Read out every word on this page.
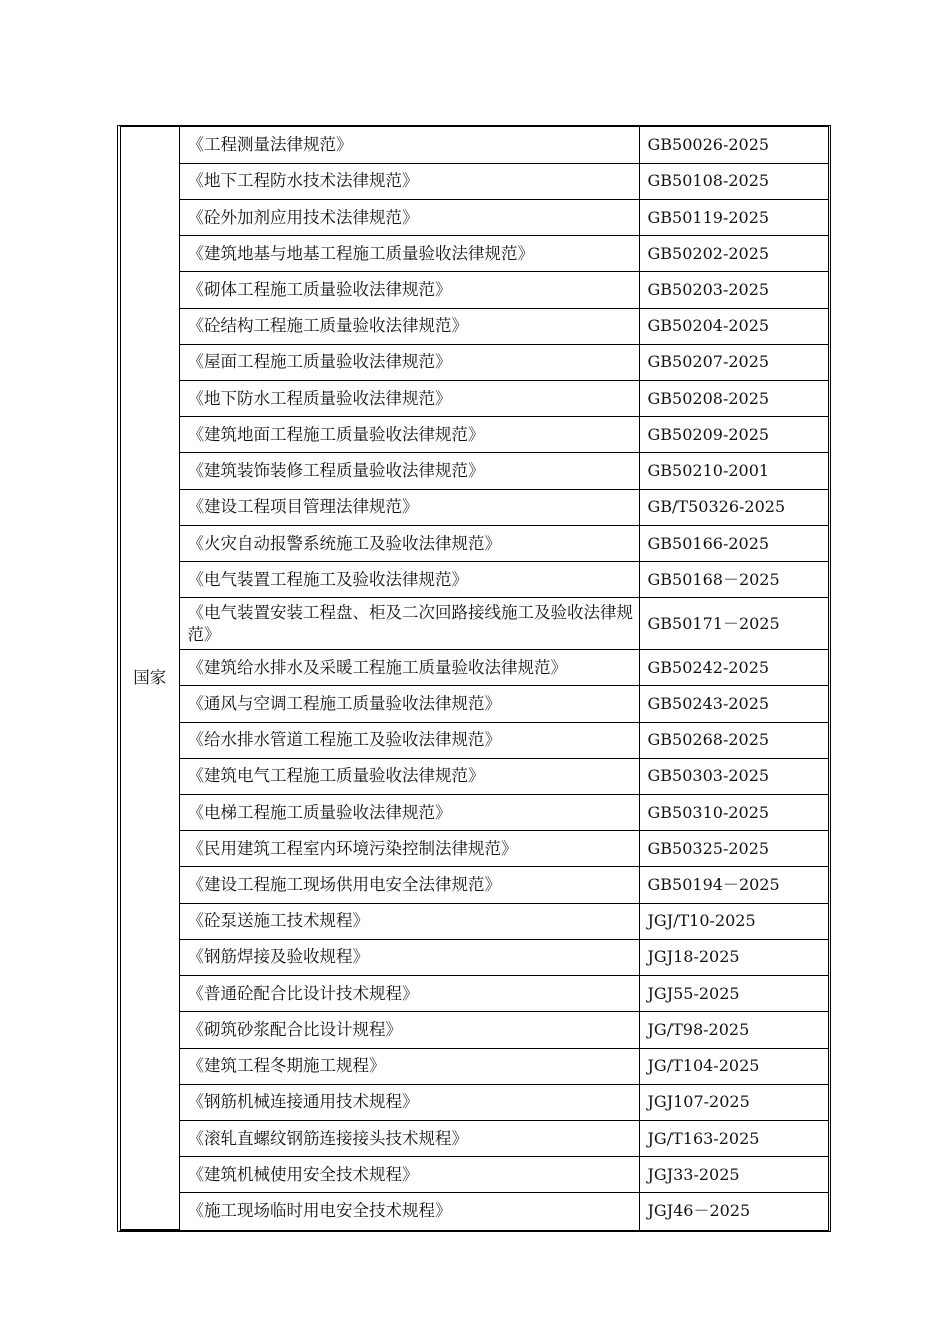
国家	《工程测量法律规范》	GB50026-2025
	《地下工程防水技术法律规范》	GB50108-2025
	《砼外加剂应用技术法律规范》	GB50119-2025
	《建筑地基与地基工程施工质量验收法律规范》	GB50202-2025
	《砌体工程施工质量验收法律规范》	GB50203-2025
	《砼结构工程施工质量验收法律规范》	GB50204-2025
	《屋面工程施工质量验收法律规范》	GB50207-2025
	《地下防水工程质量验收法律规范》	GB50208-2025
	《建筑地面工程施工质量验收法律规范》	GB50209-2025
	《建筑装饰装修工程质量验收法律规范》	GB50210-2001
	《建设工程项目管理法律规范》	GB/T50326-2025
	《火灾自动报警系统施工及验收法律规范》	GB50166-2025
	《电气装置工程施工及验收法律规范》	GB50168－2025
	《电气装置安装工程盘、柜及二次回路接线施工及验收法律规范》	GB50171－2025
	《建筑给水排水及采暖工程施工质量验收法律规范》	GB50242-2025
	《通风与空调工程施工质量验收法律规范》	GB50243-2025
	《给水排水管道工程施工及验收法律规范》	GB50268-2025
	《建筑电气工程施工质量验收法律规范》	GB50303-2025
	《电梯工程施工质量验收法律规范》	GB50310-2025
	《民用建筑工程室内环境污染控制法律规范》	GB50325-2025
	《建设工程施工现场供用电安全法律规范》	GB50194－2025
	《砼泵送施工技术规程》	JGJ/T10-2025
	《钢筋焊接及验收规程》	JGJ18-2025
	《普通砼配合比设计技术规程》	JGJ55-2025
	《砌筑砂浆配合比设计规程》	JG/T98-2025
	《建筑工程冬期施工规程》	JG/T104-2025
	《钢筋机械连接通用技术规程》	JGJ107-2025
	《滚轧直螺纹钢筋连接接头技术规程》	JG/T163-2025
	《建筑机械使用安全技术规程》	JGJ33-2025
	《施工现场临时用电安全技术规程》	JGJ46－2025
